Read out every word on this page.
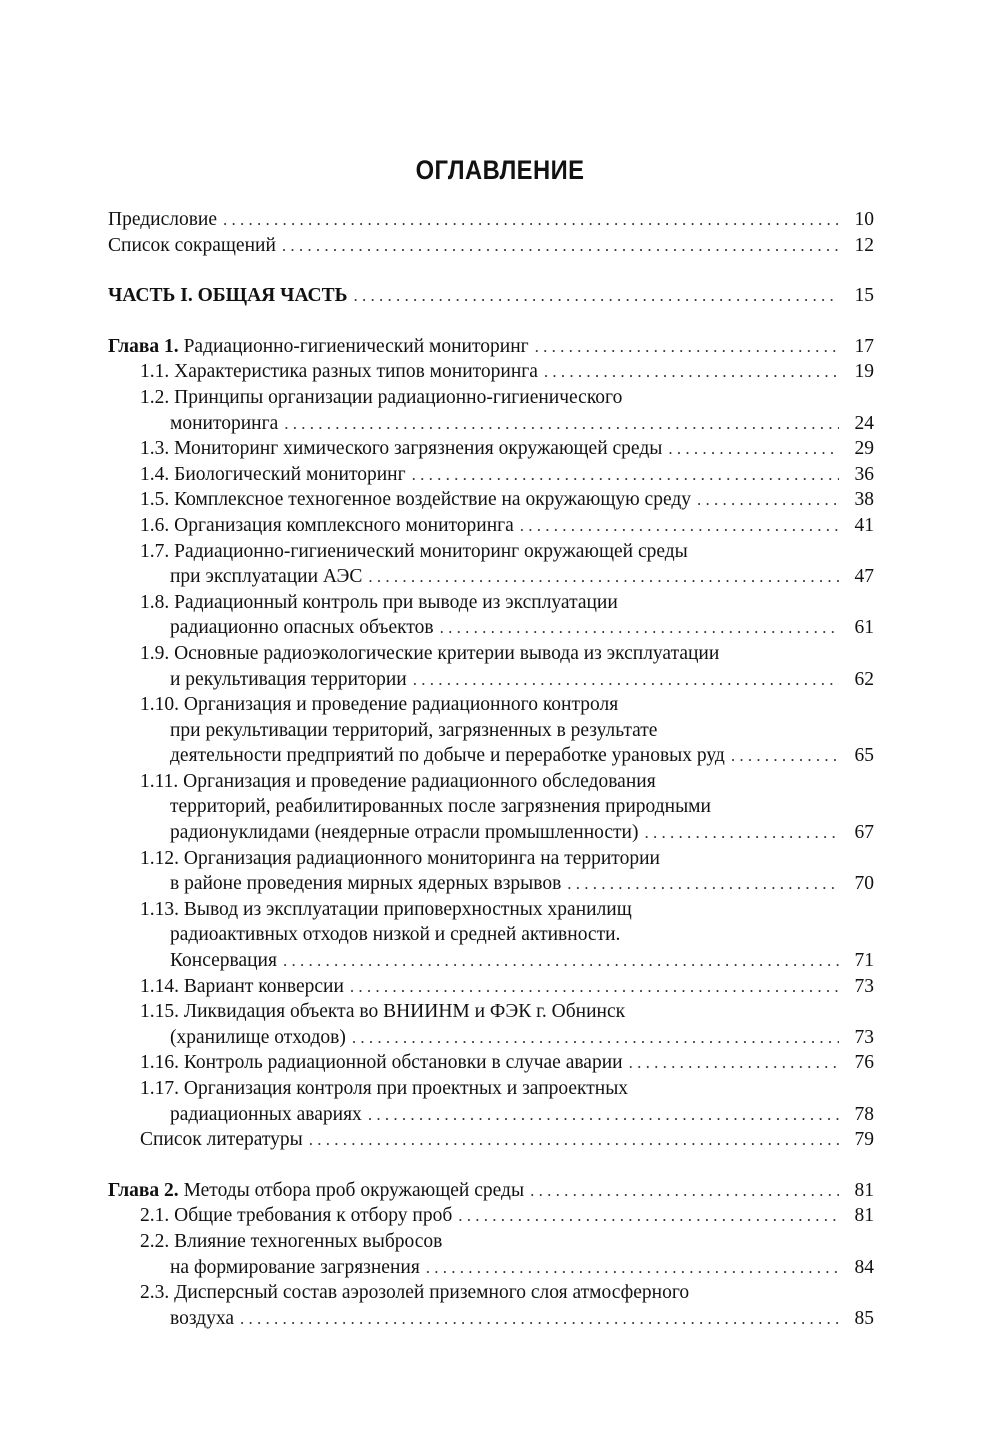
ОГЛАВЛЕНИЕ
Предисловие . . .	10
Список сокращений . . .	12
ЧАСТЬ I. ОБЩАЯ ЧАСТЬ . . .	15
Глава 1. Радиационно-гигиенический мониторинг . . .	17
1.1. Характеристика разных типов мониторинга . . .	19
1.2. Принципы организации радиационно-гигиенического
мониторинга . . .	24
1.3. Мониторинг химического загрязнения окружающей среды . . .	29
1.4. Биологический мониторинг . . .	36
1.5. Комплексное техногенное воздействие на окружающую среду . . .	38
1.6. Организация комплексного мониторинга . . .	41
1.7. Радиационно-гигиенический мониторинг окружающей среды
при эксплуатации АЭС . . .	47
1.8. Радиационный контроль при выводе из эксплуатации
радиационно опасных объектов . . .	61
1.9. Основные радиоэкологические критерии вывода из эксплуатации
и рекультивация территории . . .	62
1.10. Организация и проведение радиационного контроля
при рекультивации территорий, загрязненных в результате
деятельности предприятий по добыче и переработке урановых руд . . .	65
1.11. Организация и проведение радиационного обследования
территорий, реабилитированных после загрязнения природными
радионуклидами (неядерные отрасли промышленности) . . .	67
1.12. Организация радиационного мониторинга на территории
в районе проведения мирных ядерных взрывов . . .	70
1.13. Вывод из эксплуатации приповерхностных хранилищ
радиоактивных отходов низкой и средней активности.
Консервация . . .	71
1.14. Вариант конверсии . . .	73
1.15. Ликвидация объекта во ВНИИНМ и ФЭК г. Обнинск
(хранилище отходов) . . .	73
1.16. Контроль радиационной обстановки в случае аварии . . .	76
1.17. Организация контроля при проектных и запроектных
радиационных авариях . . .	78
Список литературы . . .	79
Глава 2. Методы отбора проб окружающей среды . . .	81
2.1. Общие требования к отбору проб . . .	81
2.2. Влияние техногенных выбросов
на формирование загрязнения . . .	84
2.3. Дисперсный состав аэрозолей приземного слоя атмосферного
воздуха . . .	85
